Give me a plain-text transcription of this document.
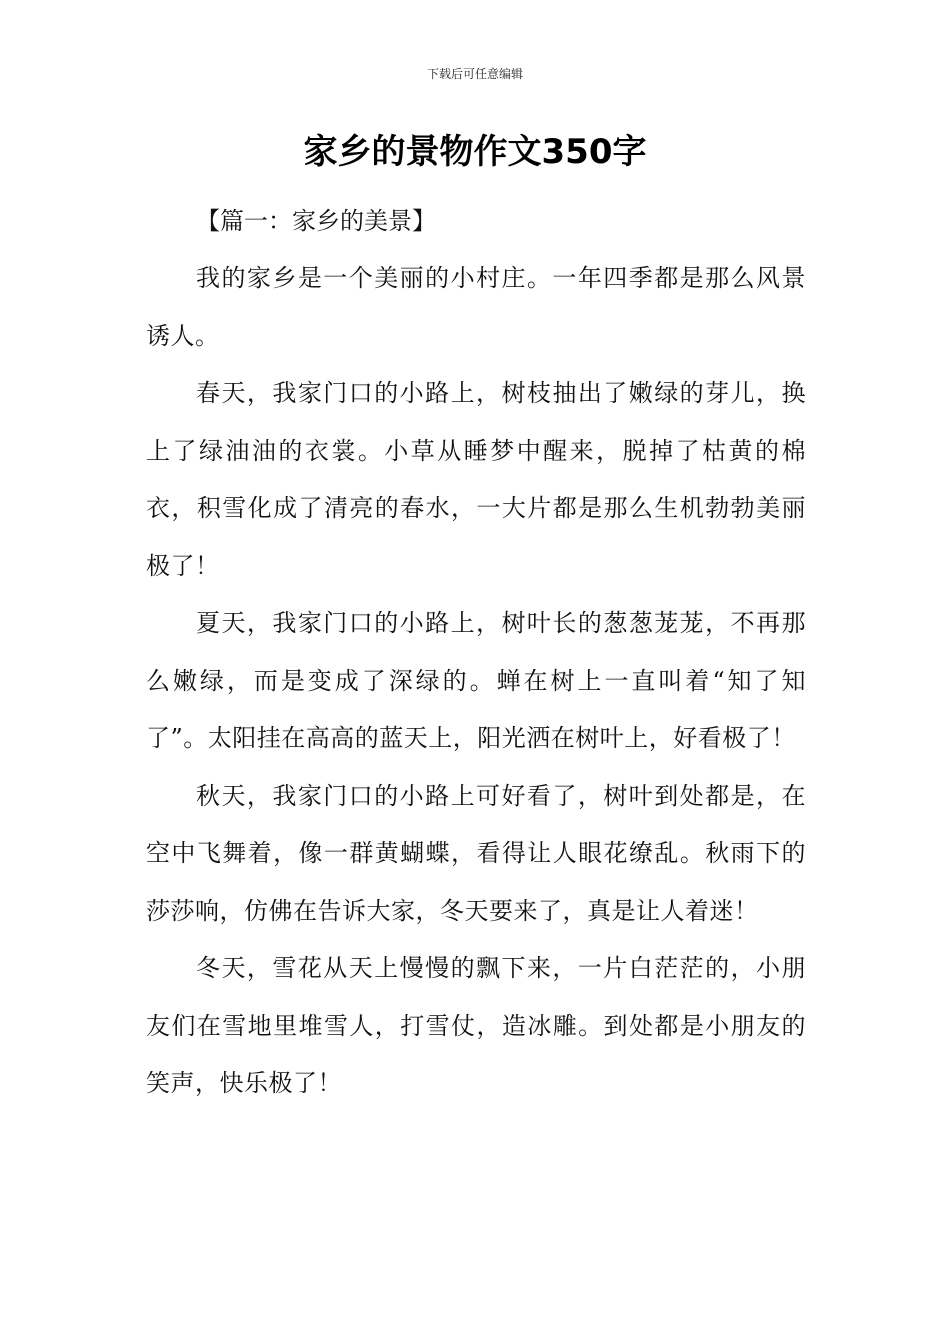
下载后可任意编辑
家乡的景物作文350字

【篇一：家乡的美景】

我的家乡是一个美丽的小村庄。一年四季都是那么风景诱人。

春天，我家门口的小路上，树枝抽出了嫩绿的芽儿，换上了绿油油的衣裳。小草从睡梦中醒来，脱掉了枯黄的棉衣，积雪化成了清亮的春水，一大片都是那么生机勃勃美丽极了！

夏天，我家门口的小路上，树叶长的葱葱茏茏，不再那么嫩绿，而是变成了深绿的。蝉在树上一直叫着“知了知了”。太阳挂在高高的蓝天上，阳光洒在树叶上，好看极了！

秋天，我家门口的小路上可好看了，树叶到处都是，在空中飞舞着，像一群黄蝴蝶，看得让人眼花缭乱。秋雨下的莎莎响，仿佛在告诉大家，冬天要来了，真是让人着迷！

冬天，雪花从天上慢慢的飘下来，一片白茫茫的，小朋友们在雪地里堆雪人，打雪仗，造冰雕。到处都是小朋友的笑声，快乐极了！
